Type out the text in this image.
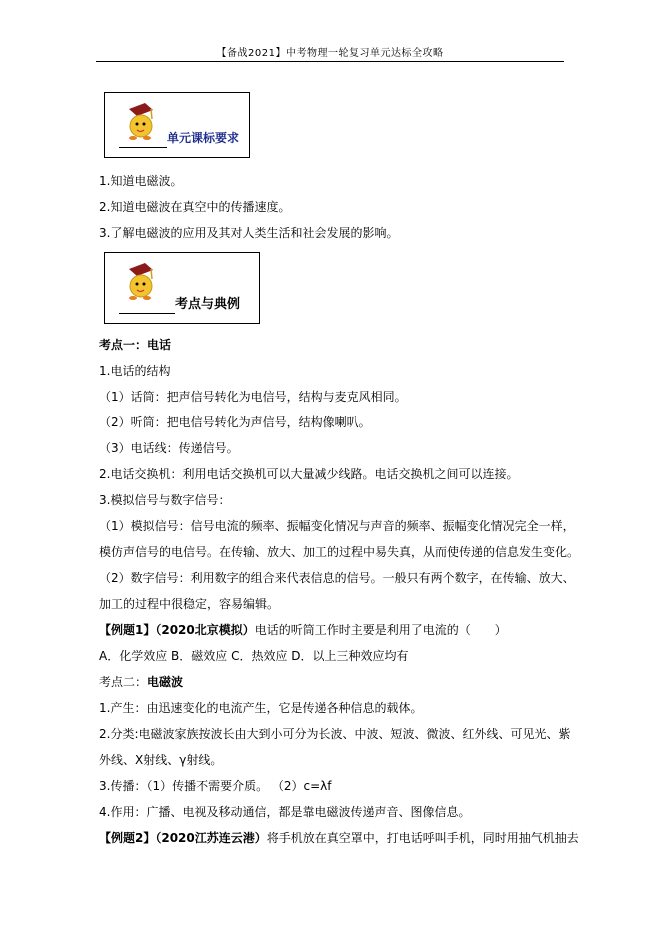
【备战2021】中考物理一轮复习单元达标全攻略
单元课标要求
考点与典例
1.知道电磁波。
2.知道电磁波在真空中的传播速度。
3.了解电磁波的应用及其对人类生活和社会发展的影响。
考点一：电话
1.电话的结构
（1）话筒：把声信号转化为电信号，结构与麦克风相同。
（2）听筒：把电信号转化为声信号，结构像喇叭。
（3）电话线：传递信号。
2.电话交换机：利用电话交换机可以大量减少线路。电话交换机之间可以连接。
3.模拟信号与数字信号：
（1）模拟信号：信号电流的频率、振幅变化情况与声音的频率、振幅变化情况完全一样，
模仿声信号的电信号。在传输、放大、加工的过程中易失真，从而使传递的信息发生变化。
（2）数字信号：利用数字的组合来代表信息的信号。一般只有两个数字，在传输、放大、
加工的过程中很稳定，容易编辑。
【例题1】（2020北京模拟）电话的听筒工作时主要是利用了电流的（　　）
A．化学效应 B．磁效应 C．热效应 D．以上三种效应均有
考点二：电磁波
1.产生：由迅速变化的电流产生，它是传递各种信息的载体。
2.分类:电磁波家族按波长由大到小可分为长波、中波、短波、微波、红外线、可见光、紫
外线、X射线、γ射线。
3.传播：（1）传播不需要介质。 （2）c=λf
4.作用：广播、电视及移动通信，都是靠电磁波传递声音、图像信息。
【例题2】（2020江苏连云港）将手机放在真空罩中，打电话呼叫手机，同时用抽气机抽去
